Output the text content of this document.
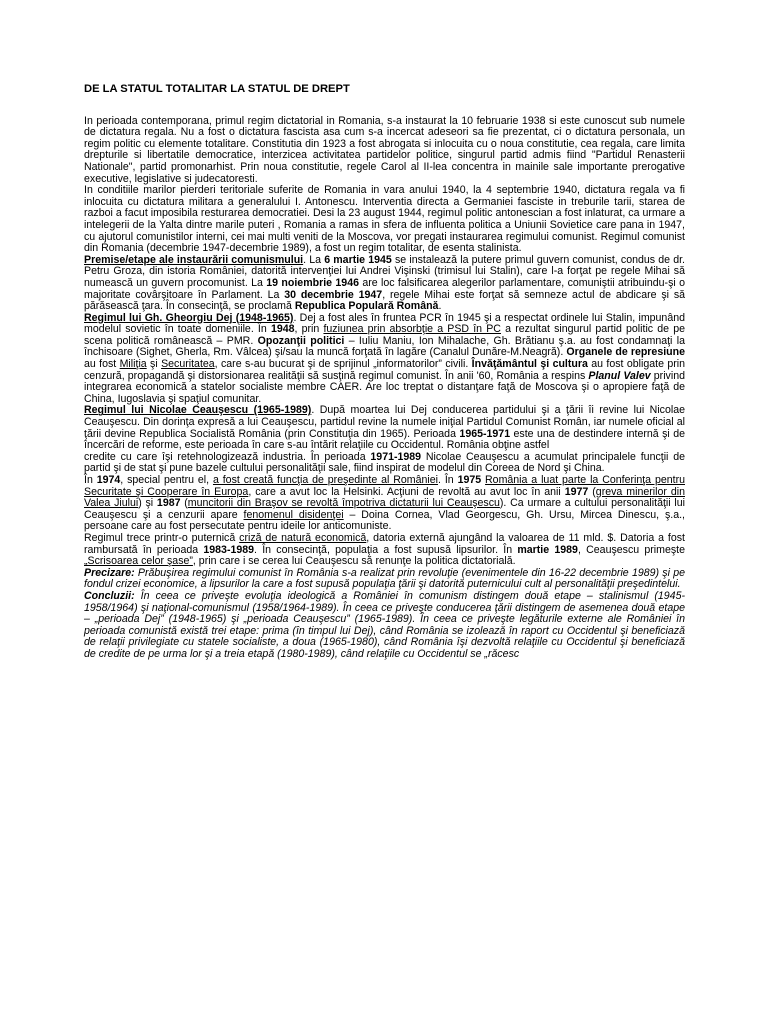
DE LA STATUL TOTALITAR LA STATUL DE DREPT

In perioada contemporana, primul regim dictatorial in Romania, s-a instaurat la 10 februarie 1938 si este cunoscut sub numele de dictatura regala. Nu a fost o dictatura fascista asa cum s-a incercat adeseori sa fie prezentat, ci o dictatura personala, un regim politic cu elemente totalitare. Constitutia din 1923 a fost abrogata si inlocuita cu o noua constitutie, cea regala, care limita drepturile si libertatile democratice, interzicea activitatea partidelor politice, singurul partid admis fiind "Partidul Renasterii Nationale", partid promonarhist. Prin noua constitutie, regele Carol al II-lea concentra in mainile sale importante prerogative executive, legislative si judecatoresti.

In conditiile marilor pierderi teritoriale suferite de Romania in vara anului 1940, la 4 septembrie 1940, dictatura regala va fi inlocuita cu dictatura militara a generalului I. Antonescu. Interventia directa a Germaniei fasciste in treburile tarii, starea de razboi a facut imposibila resturarea democratiei. Desi la 23 august 1944, regimul politic antonescian a fost inlaturat, ca urmare a intelegerii de la Yalta dintre marile puteri , Romania a ramas in sfera de influenta politica a Uniunii Sovietice care pana in 1947, cu ajutorul comunistilor interni, cei mai multi veniti de la Moscova, vor pregati instaurarea regimului comunist. Regimul comunist din Romania (decembrie 1947-decembrie 1989), a fost un regim totalitar, de esenta stalinista.

Premise/etape ale instaurării comunismului. La 6 martie 1945 se instalează la putere primul guvern comunist, condus de dr. Petru Groza, din istoria României, datorită intervenţiei lui Andrei Vişinski (trimisul lui Stalin), care l-a forţat pe regele Mihai să numească un guvern procomunist. La 19 noiembrie 1946 are loc falsificarea alegerilor parlamentare, comuniştii atribuindu-şi o majoritate covârşitoare în Parlament. La 30 decembrie 1947, regele Mihai este forţat să semneze actul de abdicare şi să părăsească ţara. În consecinţă, se proclamă Republica Populară Română.

Regimul lui Gh. Gheorgiu Dej (1948-1965). Dej a fost ales în fruntea PCR în 1945 şi a respectat ordinele lui Stalin, impunând modelul sovietic în toate domeniile. În 1948, prin fuziunea prin absorbţie a PSD în PC a rezultat singurul partid politic de pe scena politică românească – PMR. Opozanţii politici – Iuliu Maniu, Ion Mihalache, Gh. Brătianu ş.a. au fost condamnaţi la închisoare (Sighet, Gherla, Rm. Vâlcea) şi/sau la muncă forţată în lagăre (Canalul Dunăre-M.Neagră). Organele de represiune au fost Miliţia şi Securitatea, care s-au bucurat şi de sprijinul „informatorilor” civili. Învăţământul şi cultura au fost obligate prin cenzură, propagandă şi distorsionarea realităţii să susţină regimul comunist. În anii '60, România a respins Planul Valev privind integrarea economică a statelor socialiste membre CAER. Are loc treptat o distanţare faţă de Moscova şi o apropiere faţă de China, Iugoslavia şi spaţiul comunitar.

Regimul lui Nicolae Ceauşescu (1965-1989). După moartea lui Dej conducerea partidului şi a ţării îi revine lui Nicolae Ceauşescu. Din dorinţa expresă a lui Ceauşescu, partidul revine la numele iniţial Partidul Comunist Român, iar numele oficial al ţării devine Republica Socialistă România (prin Constituţia din 1965). Perioada 1965-1971 este una de destindere internă şi de încercări de reforme, este perioada în care s-au întărit relaţiile cu Occidentul. România obţine astfel

credite cu care îşi retehnologizează industria. În perioada 1971-1989 Nicolae Ceauşescu a acumulat principalele funcţii de partid şi de stat şi pune bazele cultului personalităţii sale, fiind inspirat de modelul din Coreea de Nord şi China.

În 1974, special pentru el, a fost creată funcţia de preşedinte al României. În 1975 România a luat parte la Conferinţa pentru Securitate şi Cooperare în Europa, care a avut loc la Helsinki. Acţiuni de revoltă au avut loc în anii 1977 (greva minerilor din Valea Jiului) şi 1987 (muncitorii din Braşov se revoltă împotriva dictaturii lui Ceauşescu). Ca urmare a cultului personalităţii lui Ceauşescu şi a cenzurii apare fenomenul disidenţei – Doina Cornea, Vlad Georgescu, Gh. Ursu, Mircea Dinescu, ş.a., persoane care au fost persecutate pentru ideile lor anticomuniste.

Regimul trece printr-o puternică criză de natură economică, datoria externă ajungând la valoarea de 11 mld. $. Datoria a fost rambursată în perioada 1983-1989. În consecinţă, populaţia a fost supusă lipsurilor. În martie 1989, Ceauşescu primeşte „Scrisoarea celor şase”, prin care i se cerea lui Ceauşescu să renunţe la politica dictatorială.

Precizare: Prăbuşirea regimului comunist în România s-a realizat prin revoluţie (evenimentele din 16-22 decembrie 1989) şi pe fondul crizei economice, a lipsurilor la care a fost supusă populaţia ţării şi datorită puternicului cult al personalităţii preşedintelui.

Concluzii: În ceea ce priveşte evoluţia ideologică a României în comunism distingem două etape – stalinismul (1945-1958/1964) şi naţional-comunismul (1958/1964-1989). În ceea ce priveşte conducerea ţării distingem de asemenea două etape – „perioada Dej” (1948-1965) şi „perioada Ceauşescu” (1965-1989). În ceea ce priveşte legăturile externe ale României în perioada comunistă există trei etape: prima (în timpul lui Dej), când România se izolează în raport cu Occidentul şi beneficiază de relaţii privilegiate cu statele socialiste, a doua (1965-1980), când România îşi dezvoltă relaţiile cu Occidentul şi beneficiază de credite de pe urma lor şi a treia etapă (1980-1989), când relaţiile cu Occidentul se „răcesc
